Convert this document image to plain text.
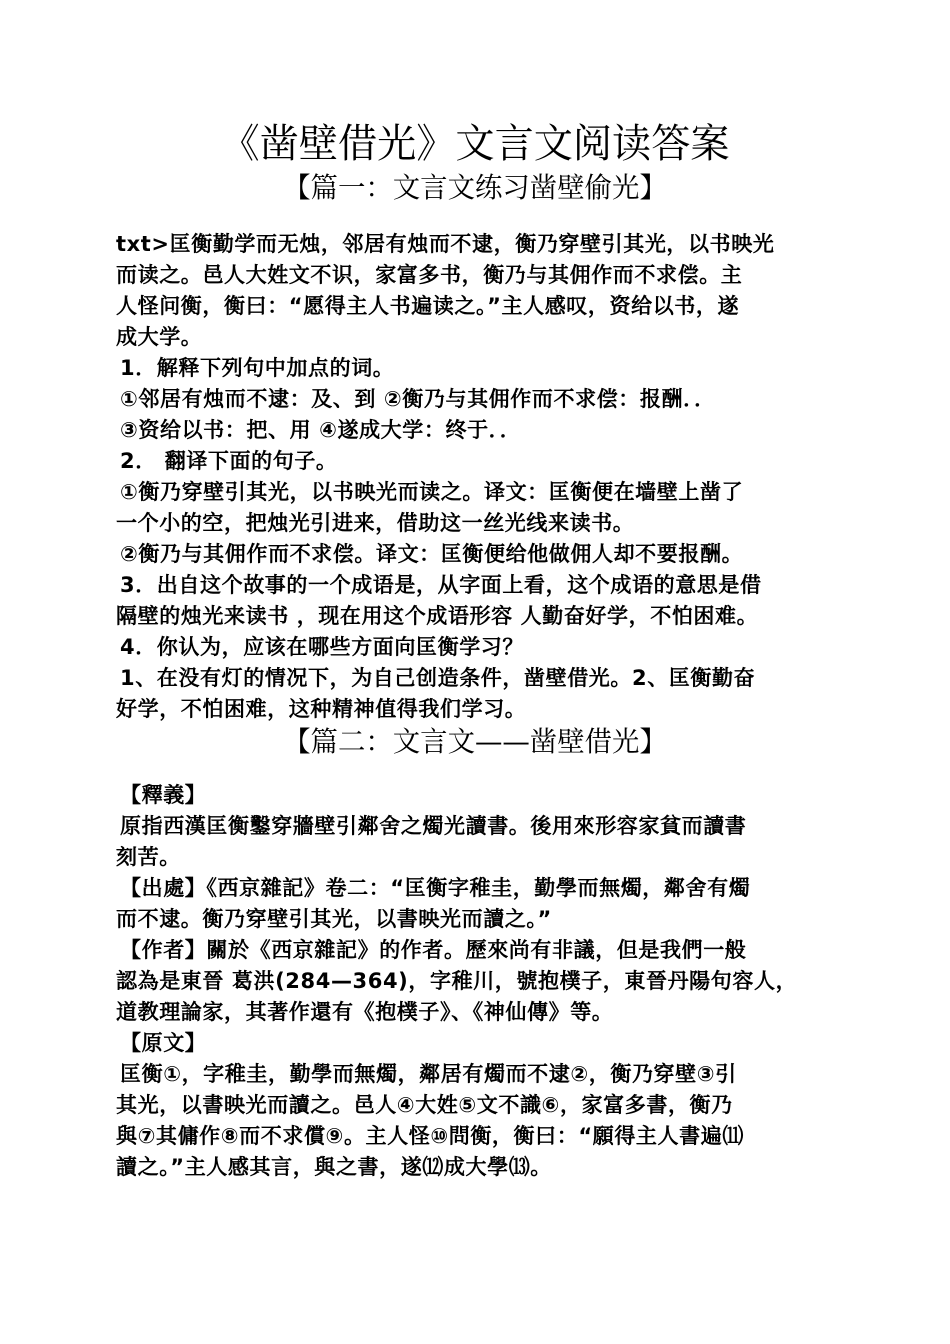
《凿壁借光》文言文阅读答案
【篇一：文言文练习凿壁偷光】
txt>匡衡勤学而无烛，邻居有烛而不逮，衡乃穿壁引其光，以书映光
而读之。邑人大姓文不识，家富多书，衡乃与其佣作而不求偿。主
人怪问衡，衡曰：“愿得主人书遍读之。”主人感叹，资给以书，遂
成大学。
1．解释下列句中加点的词。
①邻居有烛而不逮：及、到 ②衡乃与其佣作而不求偿：报酬．．
③资给以书：把、用 ④遂成大学：终于．．
2． 翻译下面的句子。
①衡乃穿壁引其光，以书映光而读之。译文：匡衡便在墙壁上凿了
一个小的空，把烛光引进来，借助这一丝光线来读书。
②衡乃与其佣作而不求偿。译文：匡衡便给他做佣人却不要报酬。
3．出自这个故事的一个成语是，从字面上看，这个成语的意思是借
隔壁的烛光来读书 ，现在用这个成语形容 人勤奋好学，不怕困难。
4．你认为，应该在哪些方面向匡衡学习？
1、在没有灯的情况下，为自己创造条件，凿壁借光。2、匡衡勤奋
好学，不怕困难，这种精神值得我们学习。
【篇二：文言文——凿壁借光】
【釋義】
原指西漢匡衡鑿穿牆壁引鄰舍之燭光讀書。後用來形容家貧而讀書
刻苦。
【出處】《西京雜記》卷二：“匡衡字稚圭，勤學而無燭，鄰舍有燭
而不逮。衡乃穿壁引其光，以書映光而讀之。”
【作者】關於《西京雜記》的作者。歷來尚有非議，但是我們一般
認為是東晉 葛洪(284—364)，字稚川，號抱樸子，東晉丹陽句容人，
道教理論家，其著作還有《抱樸子》、《神仙傳》等。
【原文】
匡衡①，字稚圭，勤學而無燭，鄰居有燭而不逮②，衡乃穿壁③引
其光，以書映光而讀之。邑人④大姓⑤文不識⑥，家富多書，衡乃
與⑦其傭作⑧而不求償⑨。主人怪⑩問衡，衡曰：“願得主人書遍⑾
讀之。”主人感其言，與之書，遂⑿成大學⒀。
